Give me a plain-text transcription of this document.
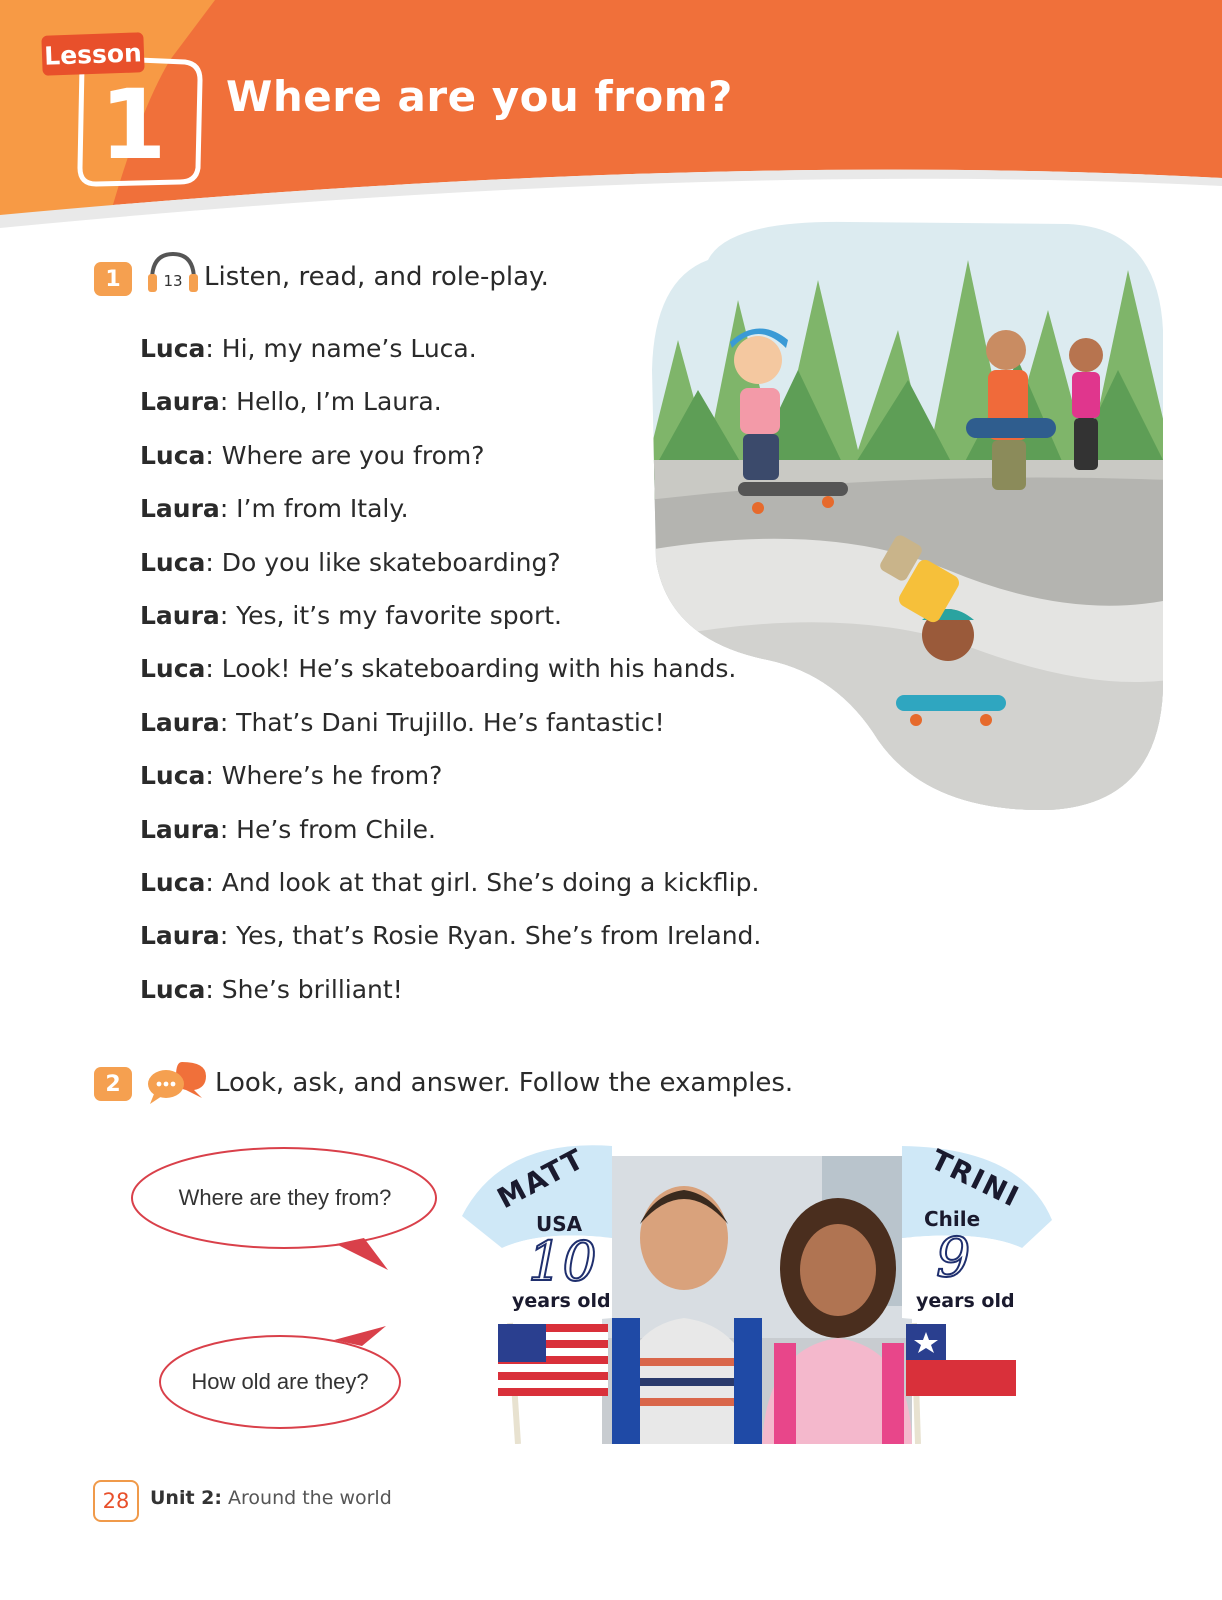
Lesson
1	Where are you from?
1	13 Listen, read, and role-play.
Luca: Hi, my name’s Luca.
Laura: Hello, I’m Laura.
Luca: Where are you from?
Laura: I’m from Italy.
Luca: Do you like skateboarding?
Laura: Yes, it’s my favorite sport.
Luca: Look! He’s skateboarding with his hands.
Laura: That’s Dani Trujillo. He’s fantastic!
Luca: Where’s he from?
Laura: He’s from Chile.
Luca: And look at that girl. She’s doing a kickflip.
Laura: Yes, that’s Rosie Ryan. She’s from Ireland.
Luca: She’s brilliant!
2	Look, ask, and answer. Follow the examples.
Where are they from?
How old are they?
MATT
USA
10
years old
TRINI
Chile
9
years old
28	Unit 2: Around the world
